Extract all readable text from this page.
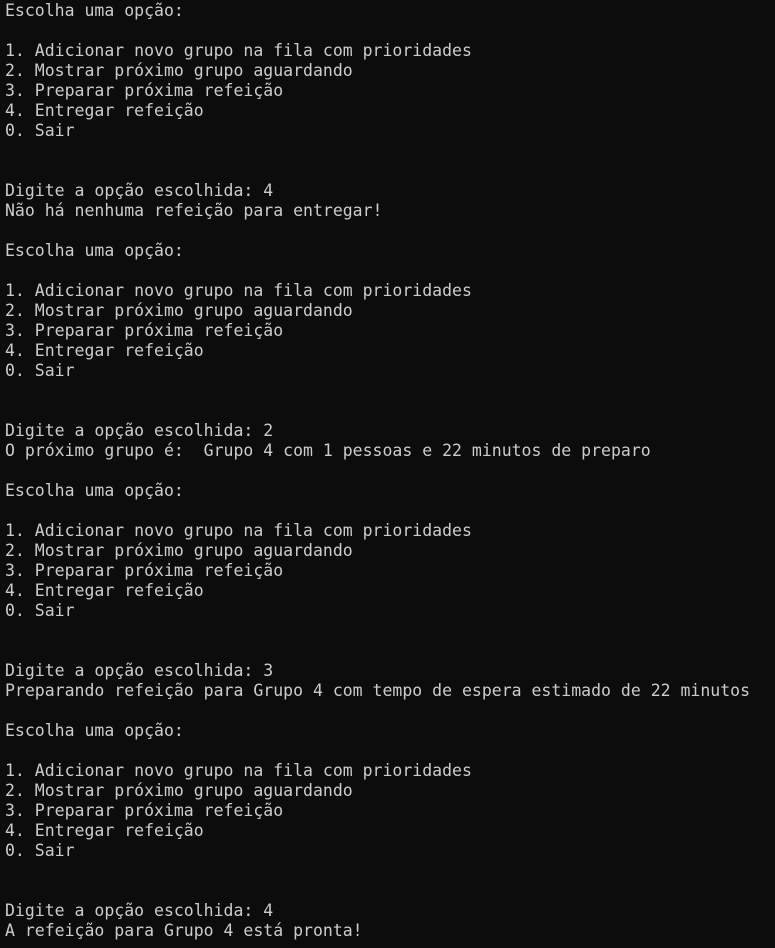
Escolha uma opção:
1. Adicionar novo grupo na fila com prioridades
2. Mostrar próximo grupo aguardando
3. Preparar próxima refeição
4. Entregar refeição
0. Sair
Digite a opção escolhida: 4
Não há nenhuma refeição para entregar!
Escolha uma opção:
1. Adicionar novo grupo na fila com prioridades
2. Mostrar próximo grupo aguardando
3. Preparar próxima refeição
4. Entregar refeição
0. Sair
Digite a opção escolhida: 2
O próximo grupo é:  Grupo 4 com 1 pessoas e 22 minutos de preparo
Escolha uma opção:
1. Adicionar novo grupo na fila com prioridades
2. Mostrar próximo grupo aguardando
3. Preparar próxima refeição
4. Entregar refeição
0. Sair
Digite a opção escolhida: 3
Preparando refeição para Grupo 4 com tempo de espera estimado de 22 minutos
Escolha uma opção:
1. Adicionar novo grupo na fila com prioridades
2. Mostrar próximo grupo aguardando
3. Preparar próxima refeição
4. Entregar refeição
0. Sair
Digite a opção escolhida: 4
A refeição para Grupo 4 está pronta!
